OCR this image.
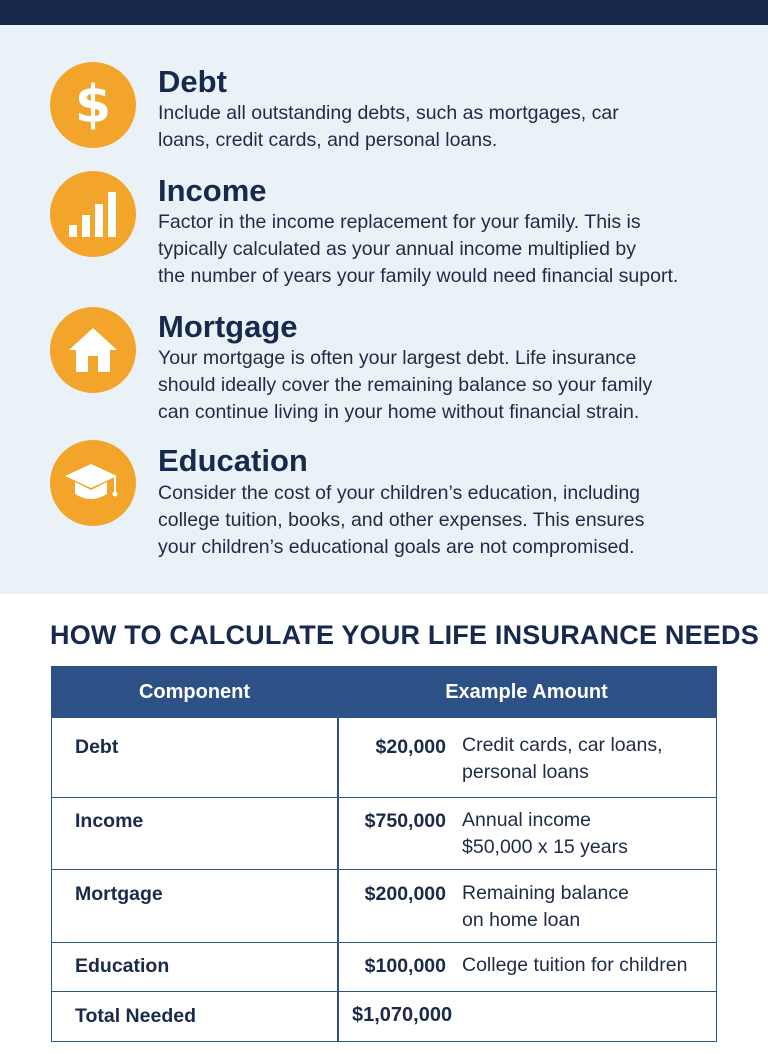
$ Debt
Include all outstanding debts, such as mortgages, car
loans, credit cards, and personal loans.
Income
Factor in the income replacement for your family. This is
typically calculated as your annual income multiplied by
the number of years your family would need financial suport.
Mortgage
Your mortgage is often your largest debt. Life insurance
should ideally cover the remaining balance so your family
can continue living in your home without financial strain.
Education
Consider the cost of your children’s education, including
college tuition, books, and other expenses. This ensures
your children’s educational goals are not compromised.
HOW TO CALCULATE YOUR LIFE INSURANCE NEEDS
Component	Example Amount
Debt	$20,000 Credit cards, car loans,
personal loans
Income	$750,000 Annual income
$50,000 x 15 years
Mortgage	$200,000 Remaining balance
on home loan
Education	$100,000 College tuition for children
Total Needed	$1,070,000
